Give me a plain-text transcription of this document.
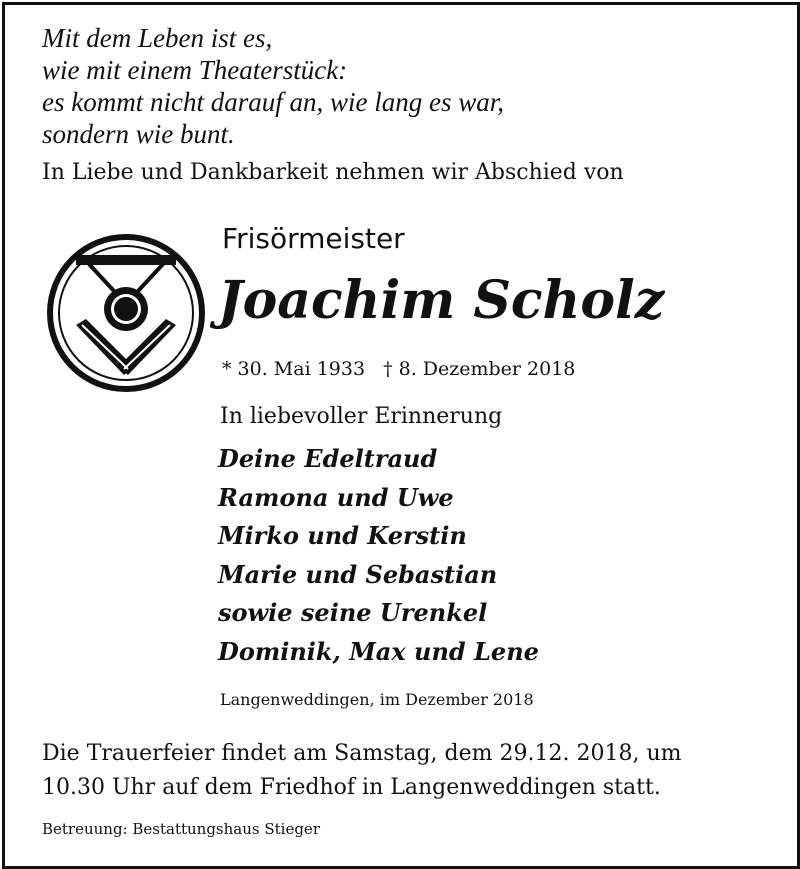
Mit dem Leben ist es,
wie mit einem Theaterstück:
es kommt nicht darauf an, wie lang es war,
sondern wie bunt.
In Liebe und Dankbarkeit nehmen wir Abschied von
Frisörmeister
Joachim Scholz
* 30. Mai 1933 † 8. Dezember 2018
In liebevoller Erinnerung
Deine Edeltraud
Ramona und Uwe
Mirko und Kerstin
Marie und Sebastian
sowie seine Urenkel
Dominik, Max und Lene
Langenweddingen, im Dezember 2018
Die Trauerfeier findet am Samstag, dem 29.12. 2018, um
10.30 Uhr auf dem Friedhof in Langenweddingen statt.
Betreuung: Bestattungshaus Stieger
